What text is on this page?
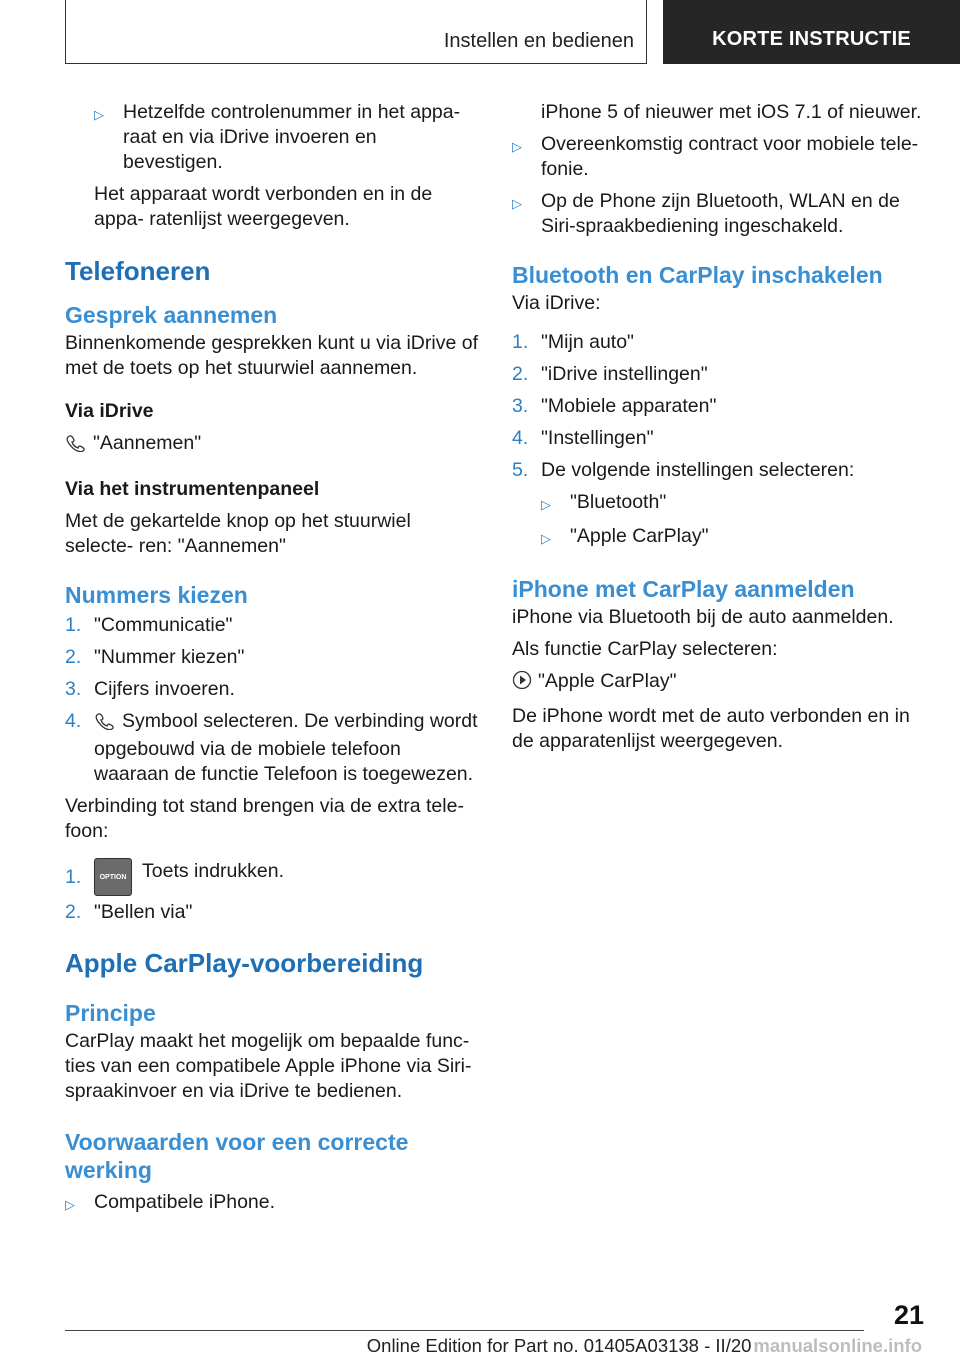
Instellen en bedienen	KORTE INSTRUCTIE
▷ Hetzelfde controlenummer in het appa‐ raat en via iDrive invoeren en bevestigen.

Het apparaat wordt verbonden en in de appa‐ ratenlijst weergegeven.

Telefoneren

Gesprek aannemen

Binnenkomende gesprekken kunt u via iDrive of met de toets op het stuurwiel aannemen.

Via iDrive

"Aannemen"

Via het instrumentenpaneel

Met de gekartelde knop op het stuurwiel selecte‐ ren: "Aannemen"

Nummers kiezen

1. "Communicatie"

2. "Nummer kiezen"

3. Cijfers invoeren.

4.	Symbool selecteren. De verbinding wordt opgebouwd via de mobiele telefoon waaraan de functie Telefoon is toegewezen.

Verbinding tot stand brengen via de extra tele‐ foon:

1.	OPTION Toets indrukken.

2. "Bellen via"

Apple CarPlay-voorbereiding

Principe

CarPlay maakt het mogelijk om bepaalde func‐ ties van een compatibele Apple iPhone via Siri- spraakinvoer en via iDrive te bedienen.

Voorwaarden voor een correcte werking

▷ Compatibele iPhone.

iPhone 5 of nieuwer met iOS 7.1 of nieuwer.

▷ Overeenkomstig contract voor mobiele tele‐ fonie.

▷ Op de Phone zijn Bluetooth, WLAN en de Siri-spraakbediening ingeschakeld.

Bluetooth en CarPlay inschakelen

Via iDrive:

1. "Mijn auto"

2. "iDrive instellingen"

3. "Mobiele apparaten"

4. "Instellingen"

5. De volgende instellingen selecteren:

▷ "Bluetooth"

▷ "Apple CarPlay"

iPhone met CarPlay aanmelden

iPhone via Bluetooth bij de auto aanmelden.

Als functie CarPlay selecteren:

"Apple CarPlay"

De iPhone wordt met de auto verbonden en in de apparatenlijst weergegeven.

21
Online Edition for Part no. 01405A03138 - II/20 manualsonline.info
